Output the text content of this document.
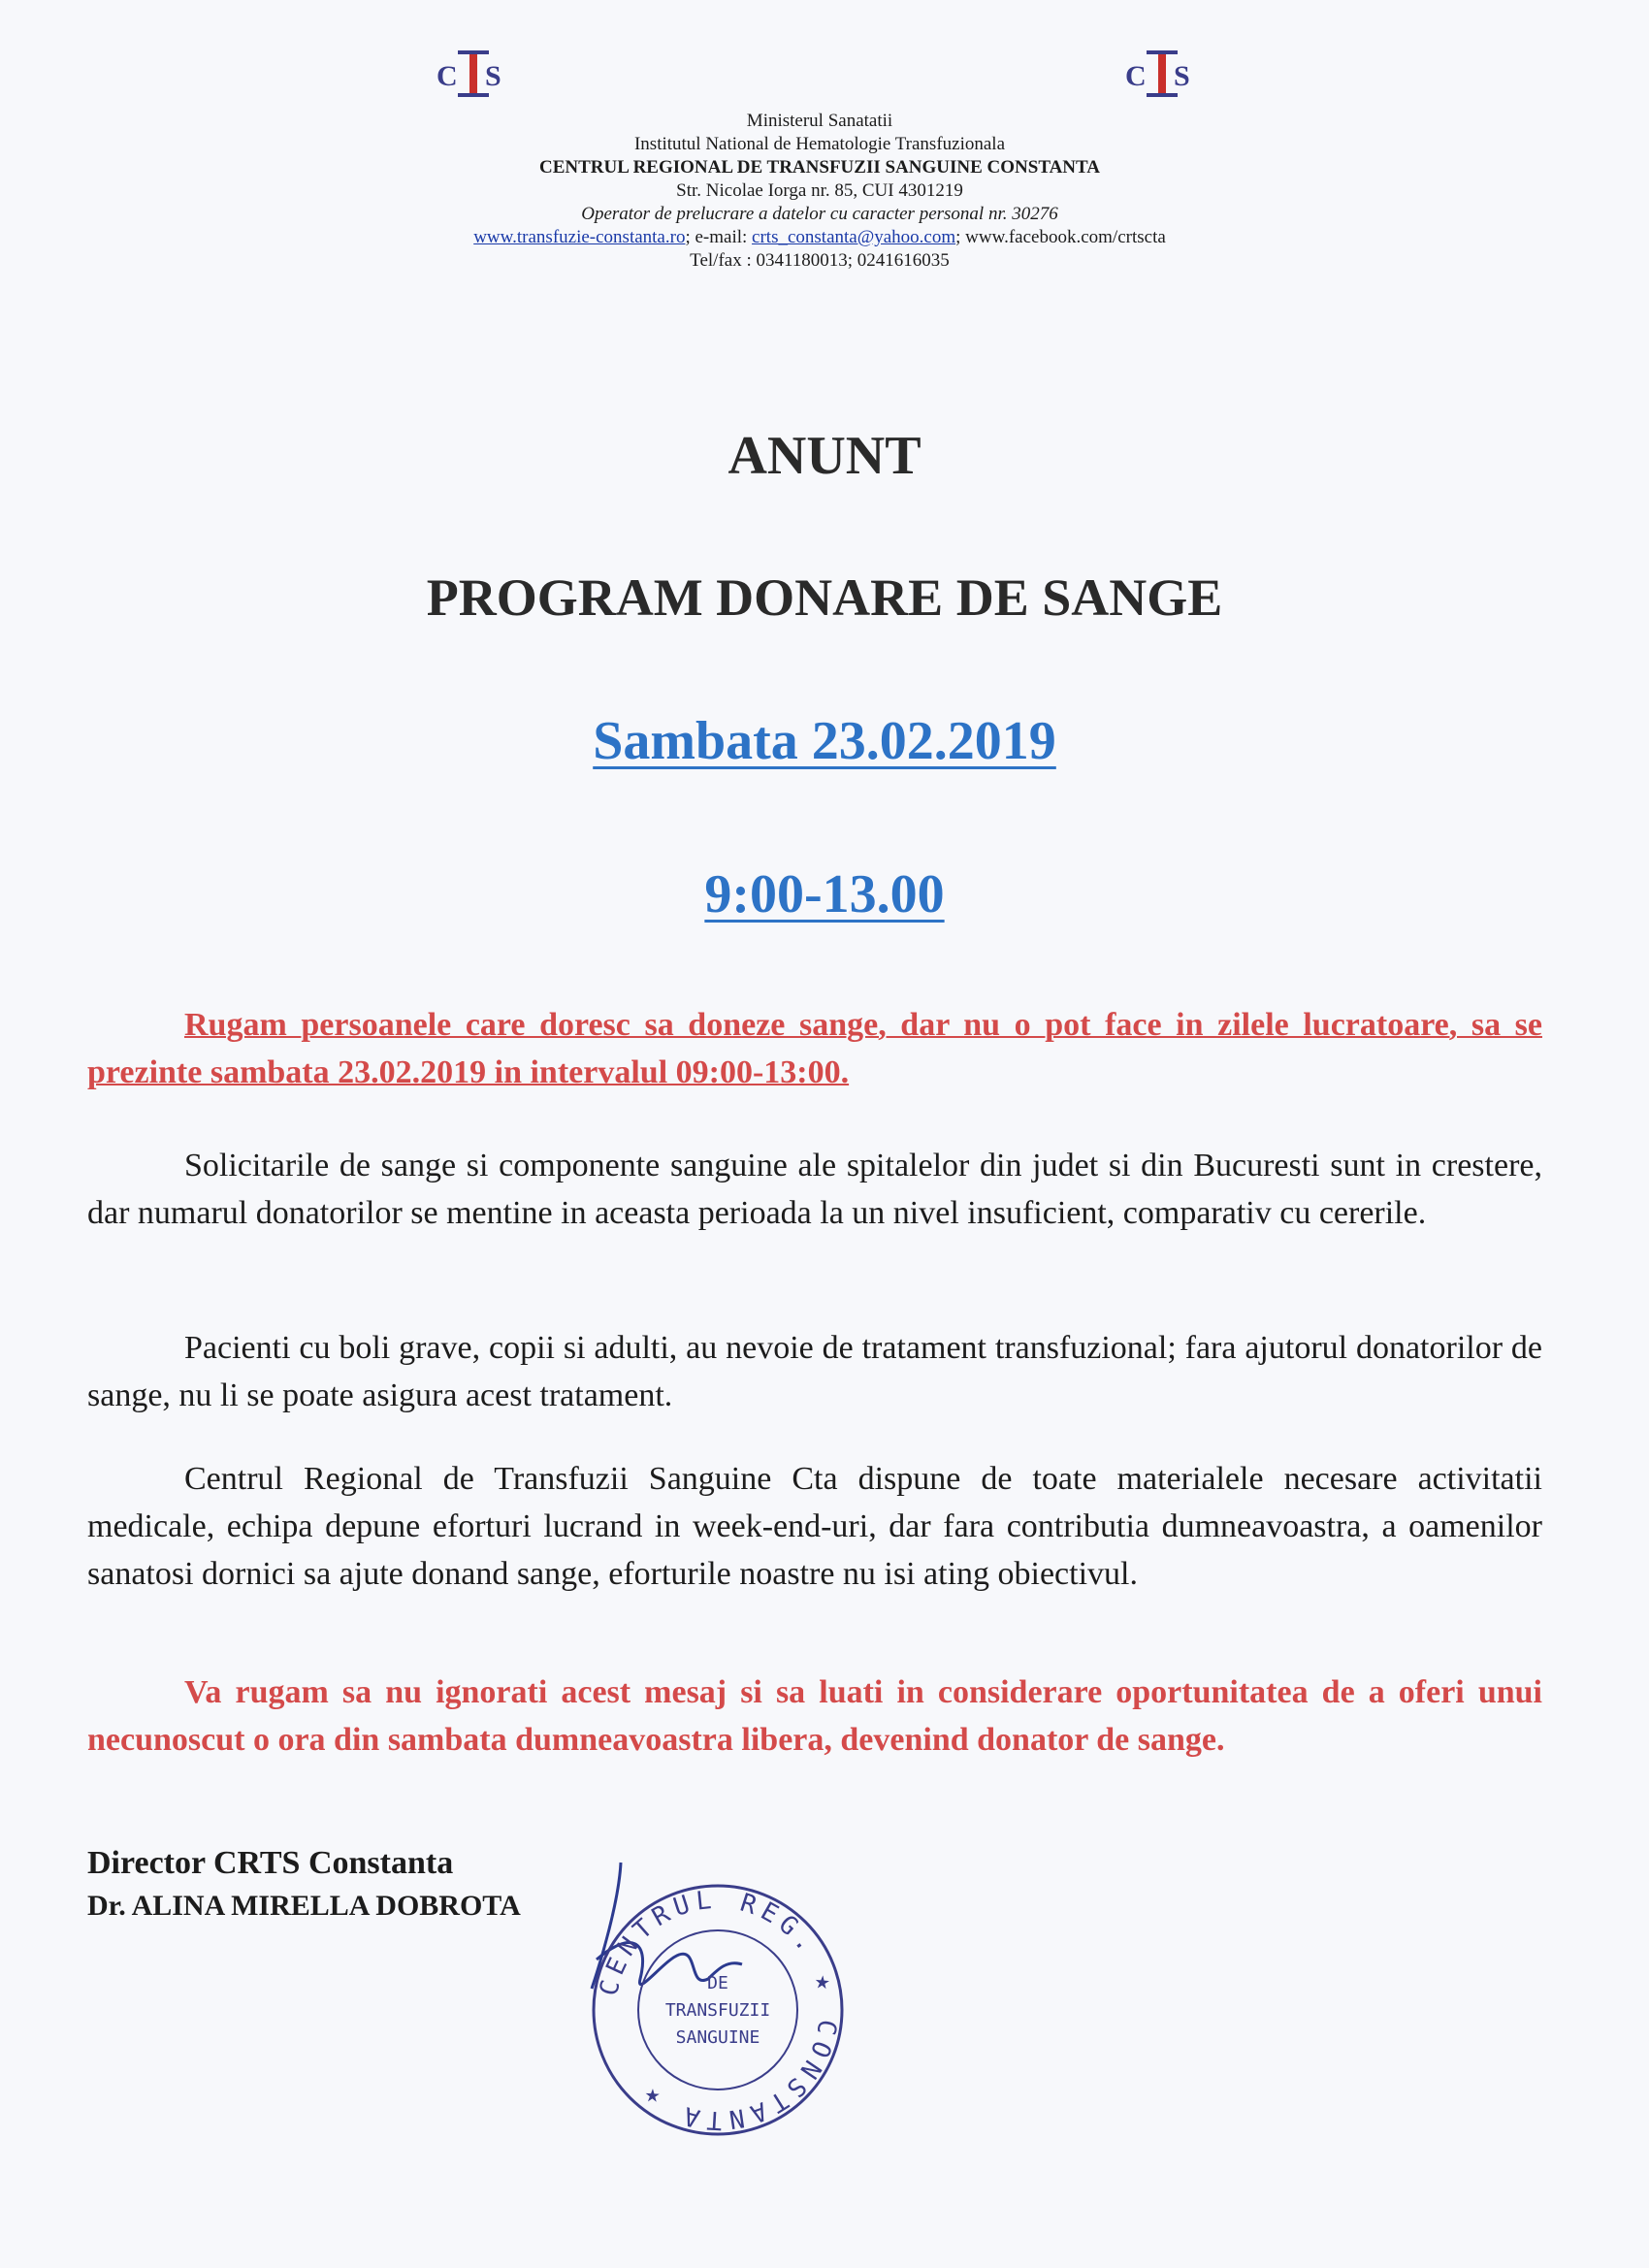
C S	C S
Ministerul Sanatatii
Institutul National de Hematologie Transfuzionala
CENTRUL REGIONAL DE TRANSFUZII SANGUINE CONSTANTA
Str. Nicolae Iorga nr. 85, CUI 4301219
Operator de prelucrare a datelor cu caracter personal nr. 30276
www.transfuzie-constanta.ro; e-mail: crts_constanta@yahoo.com; www.facebook.com/crtscta
Tel/fax : 0341180013; 0241616035
ANUNT
PROGRAM DONARE DE SANGE
Sambata 23.02.2019
9:00-13.00
Rugam persoanele care doresc sa doneze sange, dar nu o pot face in zilele lucratoare, sa se prezinte sambata 23.02.2019 in intervalul 09:00-13:00.
Solicitarile de sange si componente sanguine ale spitalelor din judet si din Bucuresti sunt in crestere, dar numarul donatorilor se mentine in aceasta perioada la un nivel insuficient, comparativ cu cererile.
Pacienti cu boli grave, copii si adulti, au nevoie de tratament transfuzional; fara ajutorul donatorilor de sange, nu li se poate asigura acest tratament.
Centrul Regional de Transfuzii Sanguine Cta dispune de toate materialele necesare activitatii medicale, echipa depune eforturi lucrand in week-end-uri, dar fara contributia dumneavoastra, a oamenilor sanatosi dornici sa ajute donand sange, eforturile noastre nu isi ating obiectivul.
Va rugam sa nu ignorati acest mesaj si sa luati in considerare oportunitatea de a oferi unui necunoscut o ora din sambata dumneavoastra libera, devenind donator de sange.
Director CRTS Constanta
Dr. ALINA MIRELLA DOBROTA
CENTRUL REG. ★ CONSTANTA ★
DE
TRANSFUZII
SANGUINE
